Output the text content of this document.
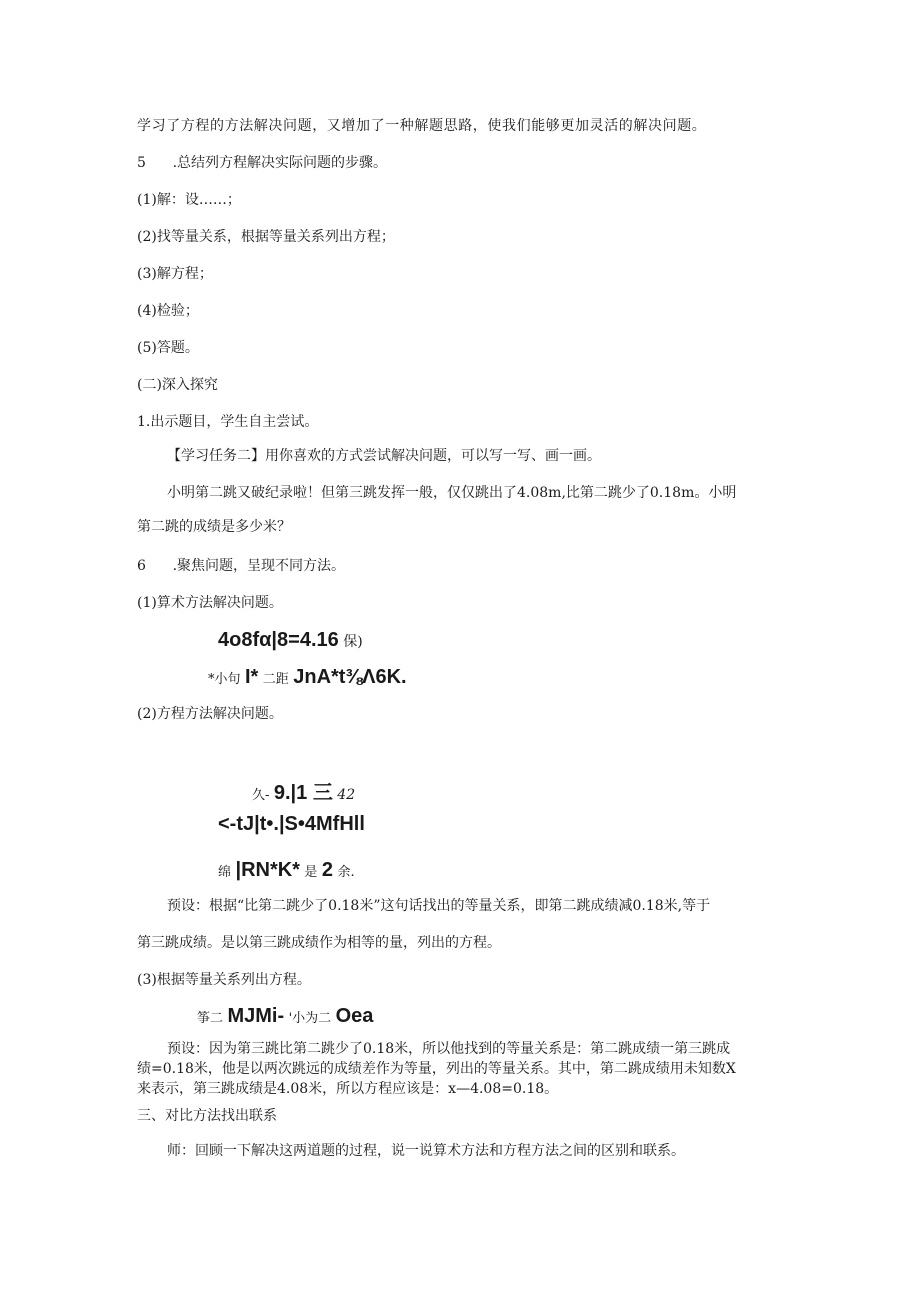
学习了方程的方法解决问题，又增加了一种解题思路，使我们能够更加灵活的解决问题。
5	.总结列方程解决实际问题的步骤。
(1)解：设……；
(2)找等量关系，根据等量关系列出方程；
(3)解方程；
(4)检验；
(5)答题。
(二)深入探究
1.出示题目，学生自主尝试。
【学习任务二】用你喜欢的方式尝试解决问题，可以写一写、画一画。
小明第二跳又破纪录啦！但第三跳发挥一般，仅仅跳出了4.08m,比第二跳少了0.18m。小明
第二跳的成绩是多少米？
6	.聚焦问题，呈现不同方法。
(1)算术方法解决问题。
4o8fα|8=4.16 保)
*小句 I* 二距 JnA*t⅜Λ6K.
(2)方程方法解决问题。
久- 9.|1 三 42
<-tJ|t•.|S•4MfHll
绵 |RN*K* 是 2 余.
预设：根据“比第二跳少了0.18米”这句话找出的等量关系，即第二跳成绩减0.18米,等于
第三跳成绩。是以第三跳成绩作为相等的量，列出的方程。
(3)根据等量关系列出方程。
筝二 MJMi- '小为二 Oea
预设：因为第三跳比第二跳少了0.18米，所以他找到的等量关系是：第二跳成绩一第三跳成
绩=0.18米，他是以两次跳远的成绩差作为等量，列出的等量关系。其中，第二跳成绩用未知数X
来表示，第三跳成绩是4.08米，所以方程应该是：x—4.08=0.18。
三、对比方法找出联系
师：回顾一下解决这两道题的过程，说一说算术方法和方程方法之间的区别和联系。
